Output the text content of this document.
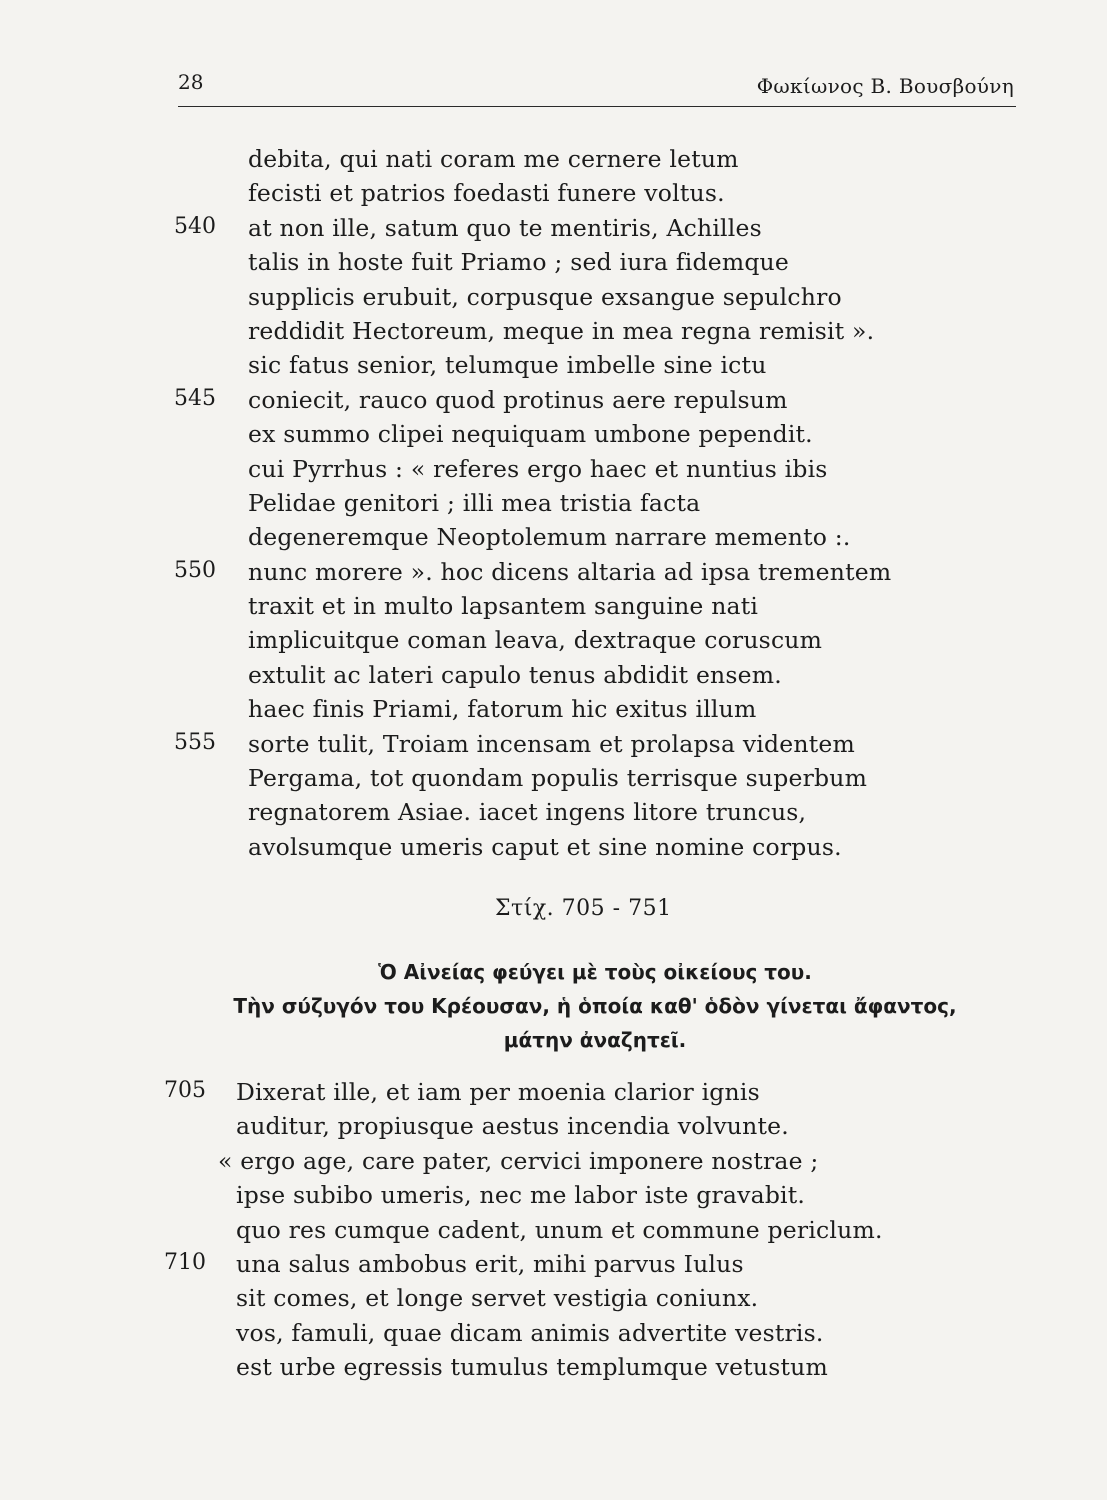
28	Φωκίωνος Β. Βουσβούνη
debita, qui nati coram me cernere letum
fecisti et patrios foedasti funere voltus.
540 at non ille, satum quo te mentiris, Achilles
talis in hoste fuit Priamo ; sed iura fidemque
supplicis erubuit, corpusque exsangue sepulchro
reddidit Hectoreum, meque in mea regna remisit ».
sic fatus senior, telumque imbelle sine ictu
545 coniecit, rauco quod protinus aere repulsum
ex summo clipei nequiquam umbone pependit.
cui Pyrrhus : « referes ergo haec et nuntius ibis
Pelidae genitori ; illi mea tristia facta
degeneremque Neoptolemum narrare memento :.
550 nunc morere ». hoc dicens altaria ad ipsa trementem
traxit et in multo lapsantem sanguine nati
implicuitque coman leava, dextraque coruscum
extulit ac lateri capulo tenus abdidit ensem.
haec finis Priami, fatorum hic exitus illum
555 sorte tulit, Troiam incensam et prolapsa videntem
Pergama, tot quondam populis terrisque superbum
regnatorem Asiae. iacet ingens litore truncus,
avolsumque umeris caput et sine nomine corpus.
Στίχ. 705 - 751
Ὁ Αἰνείας φεύγει μὲ τοὺς οἰκείους του.
Τὴν σύζυγόν του Κρέουσαν, ἡ ὁποία καθ' ὁδὸν γίνεται ἄφαντος,
μάτην ἀναζητεῖ.
705 Dixerat ille, et iam per moenia clarior ignis
auditur, propiusque aestus incendia volvunte.
« ergo age, care pater, cervici imponere nostrae ;
ipse subibo umeris, nec me labor iste gravabit.
quo res cumque cadent, unum et commune periclum.
710 una salus ambobus erit, mihi parvus Iulus
sit comes, et longe servet vestigia coniunx.
vos, famuli, quae dicam animis advertite vestris.
est urbe egressis tumulus templumque vetustum
